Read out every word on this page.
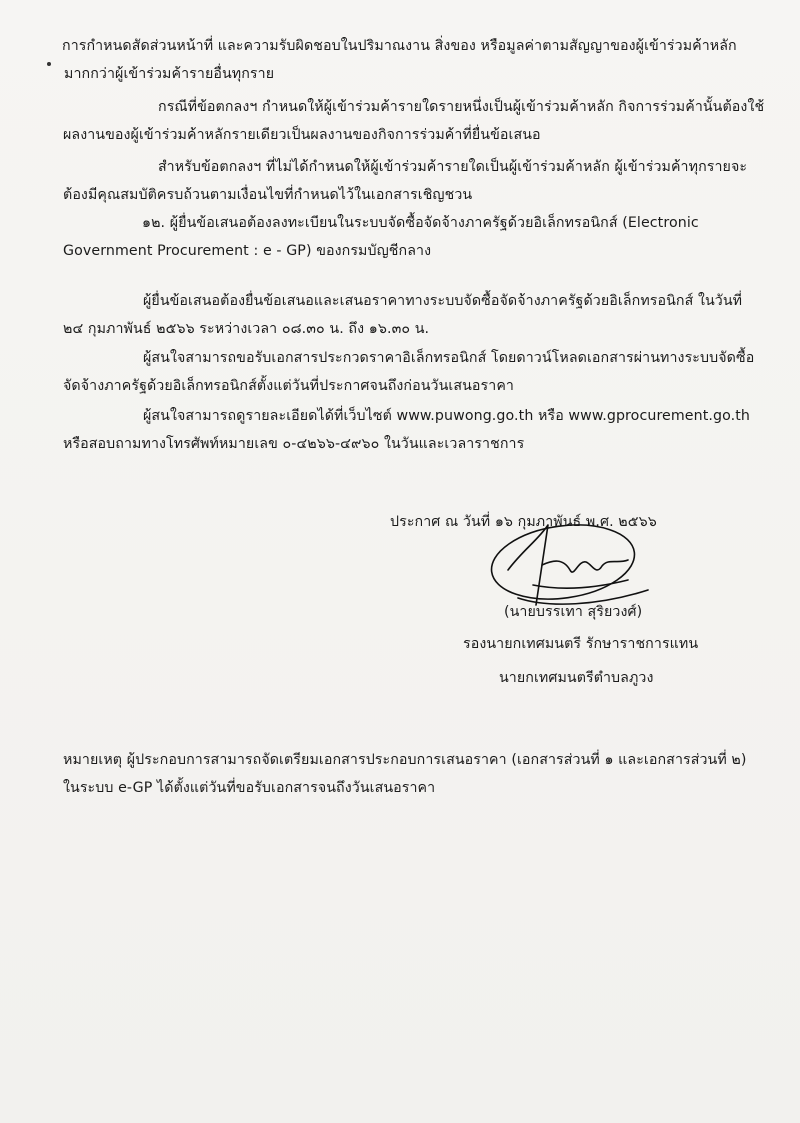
การกำหนดสัดส่วนหน้าที่ และความรับผิดชอบในปริมาณงาน สิ่งของ หรือมูลค่าตามสัญญาของผู้เข้าร่วมค้าหลัก
มากกว่าผู้เข้าร่วมค้ารายอื่นทุกราย
กรณีที่ข้อตกลงฯ กำหนดให้ผู้เข้าร่วมค้ารายใดรายหนึ่งเป็นผู้เข้าร่วมค้าหลัก กิจการร่วมค้านั้นต้องใช้
ผลงานของผู้เข้าร่วมค้าหลักรายเดียวเป็นผลงานของกิจการร่วมค้าที่ยื่นข้อเสนอ
สำหรับข้อตกลงฯ ที่ไม่ได้กำหนดให้ผู้เข้าร่วมค้ารายใดเป็นผู้เข้าร่วมค้าหลัก ผู้เข้าร่วมค้าทุกรายจะ
ต้องมีคุณสมบัติครบถ้วนตามเงื่อนไขที่กำหนดไว้ในเอกสารเชิญชวน
๑๒. ผู้ยื่นข้อเสนอต้องลงทะเบียนในระบบจัดซื้อจัดจ้างภาครัฐด้วยอิเล็กทรอนิกส์ (Electronic
Government Procurement : e - GP) ของกรมบัญชีกลาง
ผู้ยื่นข้อเสนอต้องยื่นข้อเสนอและเสนอราคาทางระบบจัดซื้อจัดจ้างภาครัฐด้วยอิเล็กทรอนิกส์ ในวันที่
๒๔ กุมภาพันธ์ ๒๕๖๖ ระหว่างเวลา ๐๘.๓๐ น. ถึง ๑๖.๓๐ น.
ผู้สนใจสามารถขอรับเอกสารประกวดราคาอิเล็กทรอนิกส์ โดยดาวน์โหลดเอกสารผ่านทางระบบจัดซื้อ
จัดจ้างภาครัฐด้วยอิเล็กทรอนิกส์ตั้งแต่วันที่ประกาศจนถึงก่อนวันเสนอราคา
ผู้สนใจสามารถดูรายละเอียดได้ที่เว็บไซต์ www.puwong.go.th หรือ www.gprocurement.go.th
หรือสอบถามทางโทรศัพท์หมายเลข ๐-๔๒๖๖-๔๙๖๐ ในวันและเวลาราชการ
ประกาศ ณ วันที่ ๑๖ กุมภาพันธ์ พ.ศ. ๒๕๖๖
(นายบรรเทา สุริยวงศ์)
รองนายกเทศมนตรี รักษาราชการแทน
นายกเทศมนตรีตำบลภูวง
หมายเหตุ ผู้ประกอบการสามารถจัดเตรียมเอกสารประกอบการเสนอราคา (เอกสารส่วนที่ ๑ และเอกสารส่วนที่ ๒)
ในระบบ e-GP ได้ตั้งแต่วันที่ขอรับเอกสารจนถึงวันเสนอราคา
